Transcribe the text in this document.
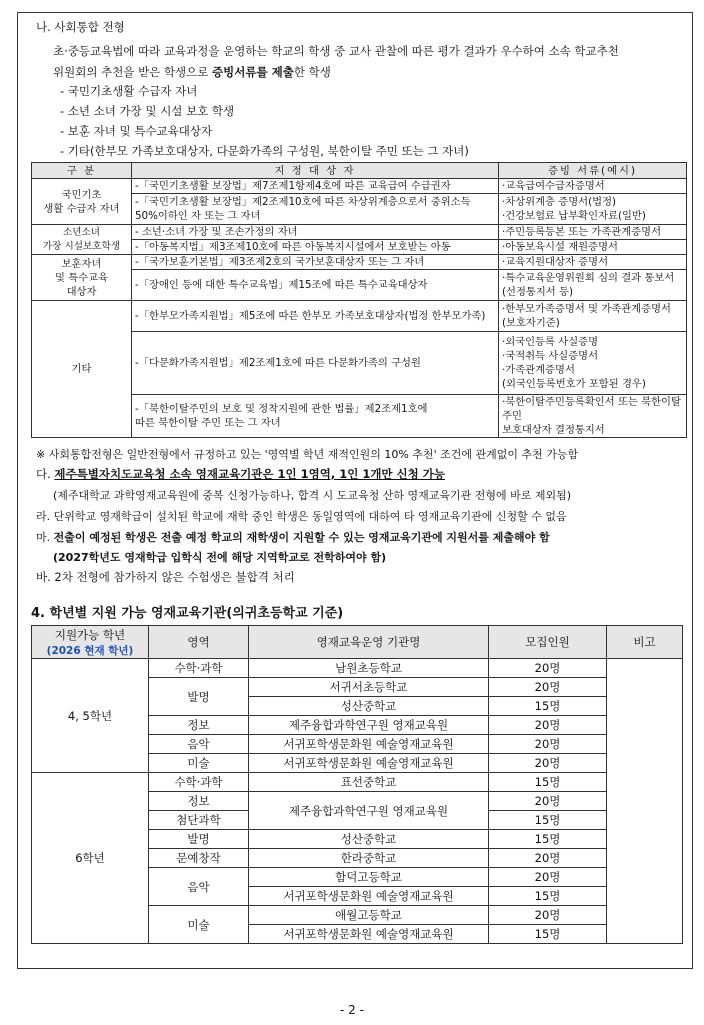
나. 사회통합 전형
초·중등교육법에 따라 교육과정을 운영하는 학교의 학생 중 교사 관찰에 따른 평가 결과가 우수하여 소속 학교추천
위원회의 추천을 받은 학생으로 증빙서류를 제출한 학생
- 국민기초생활 수급자 자녀
- 소년 소녀 가장 및 시설 보호 학생
- 보훈 자녀 및 특수교육대상자
- 기타(한부모 가족보호대상자, 다문화가족의 구성원, 북한이탈 주민 또는 그 자녀)
구 분	지 정 대 상 자	증빙 서류(예시)
국민기초
생활 수급자 자녀	-「국민기초생활 보장법」제7조제1항제4호에 따른 교육급여 수급권자	·교육급여수급자증명서
	-「국민기초생활 보장법」제2조제10호에 따른 차상위계층으로서 중위소득
50%이하인 자 또는 그 자녀	·차상위계층 증명서(법정)
·건강보험료 납부확인자료(일반)
소년소녀
가장 시설보호학생	- 소년·소녀 가장 및 조손가정의 자녀	·주민등록등본 또는 가족관계증명서
	-「아동복지법」제3조제10호에 따른 아동복지시설에서 보호받는 아동	·아동보육시설 재원증명서
보훈자녀
및 특수교육
대상자	-「국가보훈기본법」제3조제2호의 국가보훈대상자 또는 그 자녀	·교육지원대상자 증명서
	-「장애인 등에 대한 특수교육법」제15조에 따른 특수교육대상자	·특수교육운영위원회 심의 결과 통보서
(선정통지서 등)
기타	-「한부모가족지원법」제5조에 따른 한부모 가족보호대상자(법정 한부모가족)	·한부모가족증명서 및 가족관계증명서
(보호자기준)
	-「다문화가족지원법」제2조제1호에 따른 다문화가족의 구성원	·외국인등록 사실증명
·국적취득 사실증명서
·가족관계증명서
(외국인등록번호가 포함된 경우)
	-「북한이탈주민의 보호 및 정착지원에 관한 법률」제2조제1호에
따른 북한이탈 주민 또는 그 자녀	·북한이탈주민등록확인서 또는 북한이탈주민
보호대상자 결정통지서
※ 사회통합전형은 일반전형에서 규정하고 있는 '영역별 학년 재적인원의 10% 추천' 조건에 관계없이 추천 가능함
다. 제주특별자치도교육청 소속 영재교육기관은 1인 1영역, 1인 1개만 신청 가능
(제주대학교 과학영재교육원에 중복 신청가능하나, 합격 시 도교육청 산하 영재교육기관 전형에 바로 제외됨)
라. 단위학교 영재학급이 설치된 학교에 재학 중인 학생은 동일영역에 대하여 타 영재교육기관에 신청할 수 없음
마. 전출이 예정된 학생은 전출 예정 학교의 재학생이 지원할 수 있는 영재교육기관에 지원서를 제출해야 함
(2027학년도 영재학급 입학식 전에 해당 지역학교로 전학하여야 함)
바. 2차 전형에 참가하지 않은 수험생은 불합격 처리
4. 학년별 지원 가능 영재교육기관(의귀초등학교 기준)
지원가능 학년
(2026 현재 학년)	영역	영재교육운영 기관명	모집인원	비고
4, 5학년	수학·과학	남원초등학교	20명	
	발명	서귀서초등학교	20명	
		성산중학교	15명	
	정보	제주융합과학연구원 영재교육원	20명	
	음악	서귀포학생문화원 예술영재교육원	20명	
	미술	서귀포학생문화원 예술영재교육원	20명	
6학년	수학·과학	표선중학교	15명	
	정보	제주융합과학연구원 영재교육원	20명	
	첨단과학		15명	
	발명	성산중학교	15명	
	문예창작	한라중학교	20명	
	음악	함덕고등학교	20명	
		서귀포학생문화원 예술영재교육원	15명	
	미술	애월고등학교	20명	
		서귀포학생문화원 예술영재교육원	15명	
- 2 -
